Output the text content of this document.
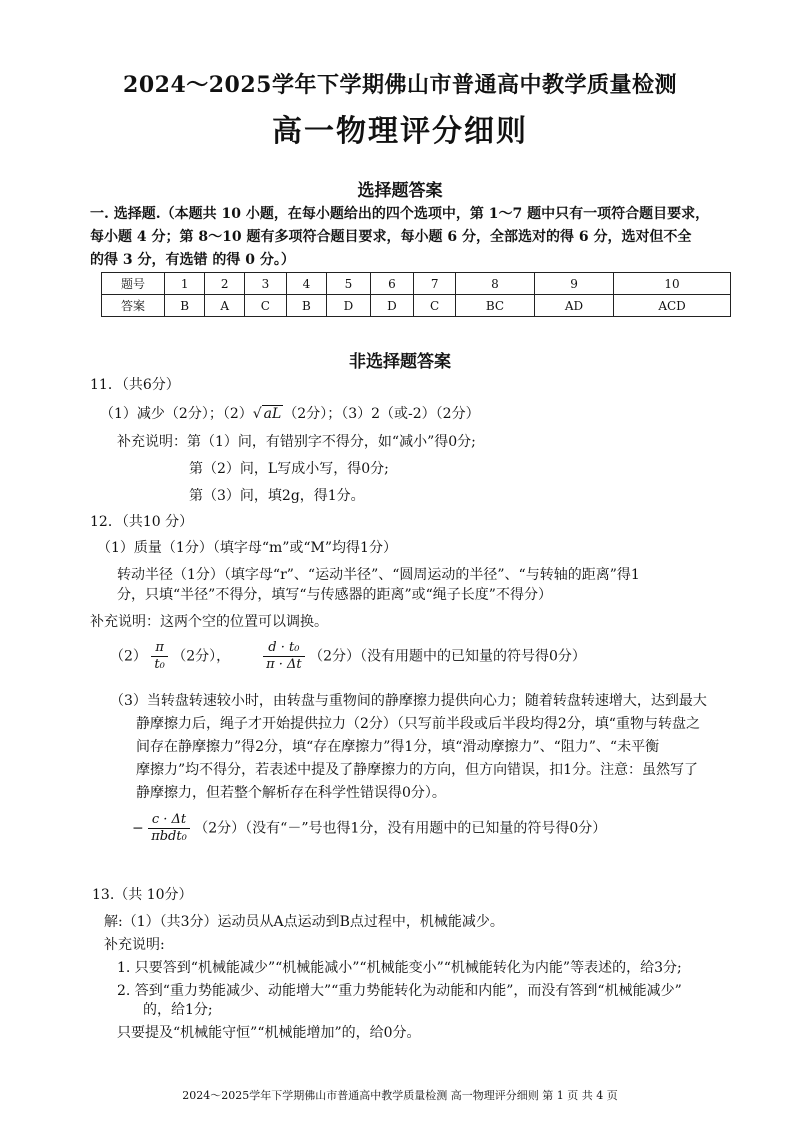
2024～2025学年下学期佛山市普通高中教学质量检测
高一物理评分细则
选择题答案
一. 选择题.（本题共 10 小题，在每小题给出的四个选项中，第 1～7 题中只有一项符合题目要求，
每小题 4 分；第 8～10 题有多项符合题目要求，每小题 6 分，全部选对的得 6 分，选对但不全
的得 3 分，有选错 的得 0 分。）
题号	1	2	3	4	5	6	7	8	9	10
答案	B	A	C	B	D	D	C	BC	AD	ACD
非选择题答案
11．（共6分）
（1）减少（2分）；（2）√ aL （2分）；（3）2（或-2）（2分）
补充说明：第（1）问，有错别字不得分，如“减小”得0分;
第（2）问，L写成小写，得0分;
第（3）问，填2g，得1分。
12．（共10 分）
（1）质量（1分）（填字母“m”或“M”均得1分）
转动半径（1分）（填字母“r”、“运动半径”、“圆周运动的半径”、“与转轴的距离”得1
分，只填“半径”不得分，填写“与传感器的距离”或“绳子长度”不得分）
补充说明：这两个空的位置可以调换。
$(2) \frac{\pi}{\text{t₀}} (2$分），	$\frac{\text{d · t₀}}{\pi \cdot \Delta t} (2$分）（没有用题中的已知量的符号得0分）
（3）当转盘转速较小时，由转盘与重物间的静摩擦力提供向心力；随着转盘转速增大，达到最大
静摩擦力后，绳子才开始提供拉力（2分）（只写前半段或后半段均得2分，填“重物与转盘之
间存在静摩擦力”得2分，填“存在摩擦力”得1分，填“滑动摩擦力”、“阻力”、“未平衡
摩擦力”均不得分，若表述中提及了静摩擦力的方向，但方向错误，扣1分。注意：虽然写了
静摩擦力，但若整个解析存在科学性错误得0分）。
− $\frac{c \cdot \Delta t}{\text{πbdt₀}} (2$分）（没有“－”号也得1分，没有用题中的已知量的符号得0分）
13.（共 10分）
解:（1）（共3分）运动员从A点运动到B点过程中，机械能减少。
补充说明:
1. 只要答到“机械能减少”“机械能减小”“机械能变小”“机械能转化为内能”等表述的，给3分;
2. 答到“重力势能减少、动能增大”“重力势能转化为动能和内能”，而没有答到“机械能减少”
的，给1分;
只要提及“机械能守恒”“机械能增加”的，给0分。
2024～2025学年下学期佛山市普通高中教学质量检测 高一物理评分细则 第 1 页 共 4 页
